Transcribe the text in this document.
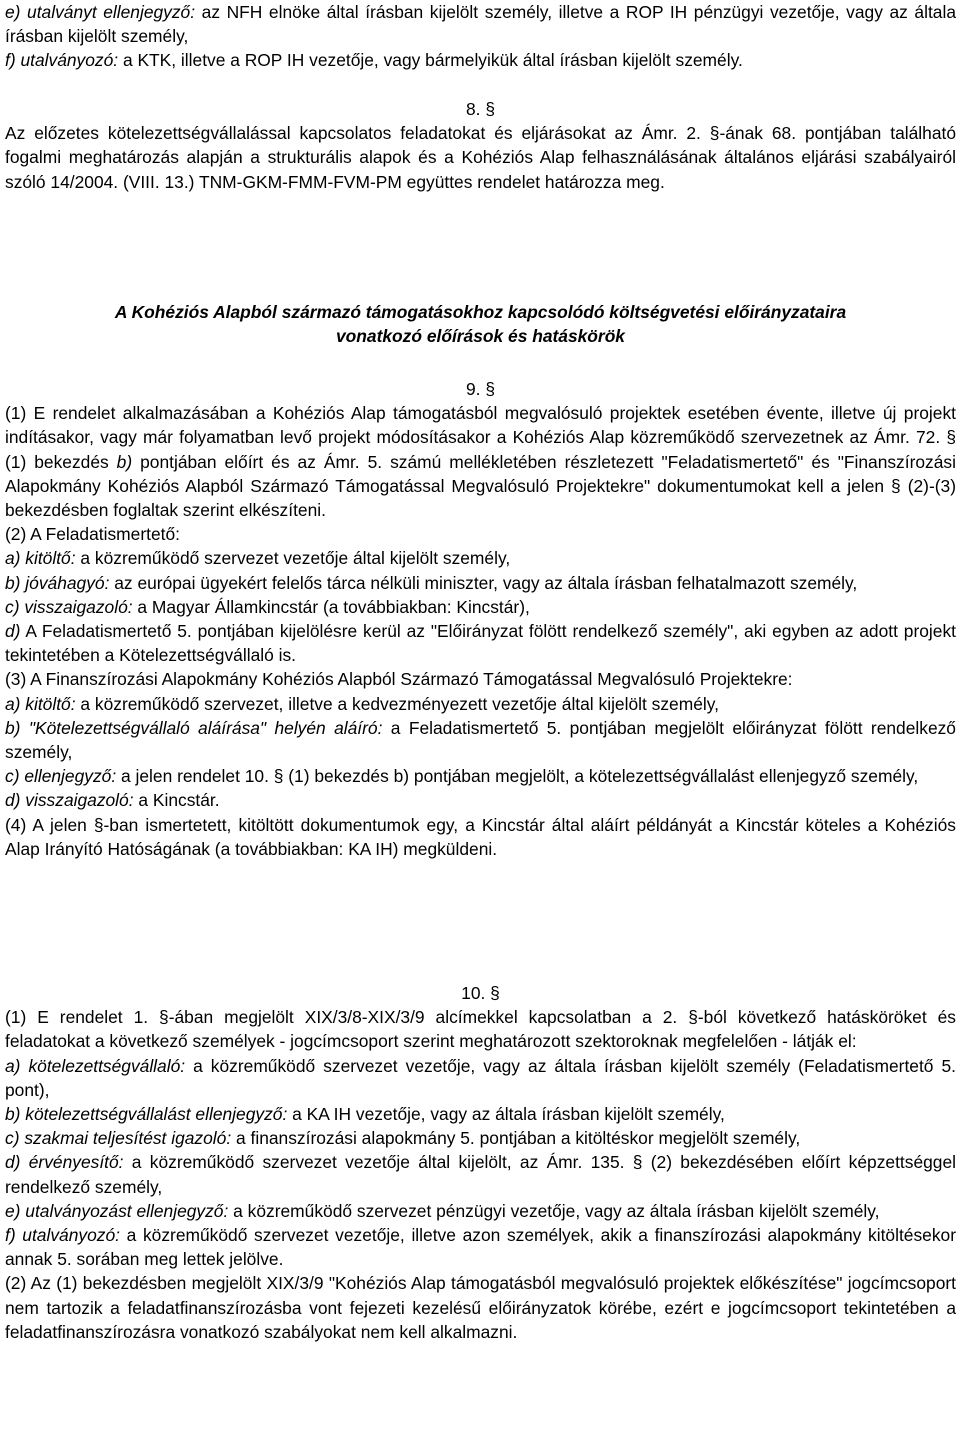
e) utalványt ellenjegyző: az NFH elnöke által írásban kijelölt személy, illetve a ROP IH pénzügyi vezetője, vagy az általa írásban kijelölt személy,

f) utalványozó: a KTK, illetve a ROP IH vezetője, vagy bármelyikük által írásban kijelölt személy.

8. §

Az előzetes kötelezettségvállalással kapcsolatos feladatokat és eljárásokat az Ámr. 2. §-ának 68. pontjában található fogalmi meghatározás alapján a strukturális alapok és a Kohéziós Alap felhasználásának általános eljárási szabályairól szóló 14/2004. (VIII. 13.) TNM-GKM-FMM-FVM-PM együttes rendelet határozza meg.

A Kohéziós Alapból származó támogatásokhoz kapcsolódó költségvetési előirányzataira

vonatkozó előírások és hatáskörök

9. §

(1) E rendelet alkalmazásában a Kohéziós Alap támogatásból megvalósuló projektek esetében évente, illetve új projekt indításakor, vagy már folyamatban levő projekt módosításakor a Kohéziós Alap közreműködő szervezetnek az Ámr. 72. § (1) bekezdés b) pontjában előírt és az Ámr. 5. számú mellékletében részletezett "Feladatismertető" és "Finanszírozási Alapokmány Kohéziós Alapból Származó Támogatással Megvalósuló Projektekre" dokumentumokat kell a jelen § (2)-(3) bekezdésben foglaltak szerint elkészíteni.

(2) A Feladatismertető:

a) kitöltő: a közreműködő szervezet vezetője által kijelölt személy,

b) jóváhagyó: az európai ügyekért felelős tárca nélküli miniszter, vagy az általa írásban felhatalmazott személy,

c) visszaigazoló: a Magyar Államkincstár (a továbbiakban: Kincstár),

d) A Feladatismertető 5. pontjában kijelölésre kerül az "Előirányzat fölött rendelkező személy", aki egyben az adott projekt tekintetében a Kötelezettségvállaló is.

(3) A Finanszírozási Alapokmány Kohéziós Alapból Származó Támogatással Megvalósuló Projektekre:

a) kitöltő: a közreműködő szervezet, illetve a kedvezményezett vezetője által kijelölt személy,

b) "Kötelezettségvállaló aláírása" helyén aláíró: a Feladatismertető 5. pontjában megjelölt előirányzat fölött rendelkező személy,

c) ellenjegyző: a jelen rendelet 10. § (1) bekezdés b) pontjában megjelölt, a kötelezettségvállalást ellenjegyző személy,

d) visszaigazoló: a Kincstár.

(4) A jelen §-ban ismertetett, kitöltött dokumentumok egy, a Kincstár által aláírt példányát a Kincstár köteles a Kohéziós Alap Irányító Hatóságának (a továbbiakban: KA IH) megküldeni.

10. §

(1) E rendelet 1. §-ában megjelölt XIX/3/8-XIX/3/9 alcímekkel kapcsolatban a 2. §-ból következő hatásköröket és feladatokat a következő személyek - jogcímcsoport szerint meghatározott szektoroknak megfelelően - látják el:

a) kötelezettségvállaló: a közreműködő szervezet vezetője, vagy az általa írásban kijelölt személy (Feladatismertető 5. pont),

b) kötelezettségvállalást ellenjegyző: a KA IH vezetője, vagy az általa írásban kijelölt személy,

c) szakmai teljesítést igazoló: a finanszírozási alapokmány 5. pontjában a kitöltéskor megjelölt személy,

d) érvényesítő: a közreműködő szervezet vezetője által kijelölt, az Ámr. 135. § (2) bekezdésében előírt képzettséggel rendelkező személy,

e) utalványozást ellenjegyző: a közreműködő szervezet pénzügyi vezetője, vagy az általa írásban kijelölt személy,

f) utalványozó: a közreműködő szervezet vezetője, illetve azon személyek, akik a finanszírozási alapokmány kitöltésekor annak 5. sorában meg lettek jelölve.

(2) Az (1) bekezdésben megjelölt XIX/3/9 "Kohéziós Alap támogatásból megvalósuló projektek előkészítése" jogcímcsoport nem tartozik a feladatfinanszírozásba vont fejezeti kezelésű előirányzatok körébe, ezért e jogcímcsoport tekintetében a feladatfinanszírozásra vonatkozó szabályokat nem kell alkalmazni.
